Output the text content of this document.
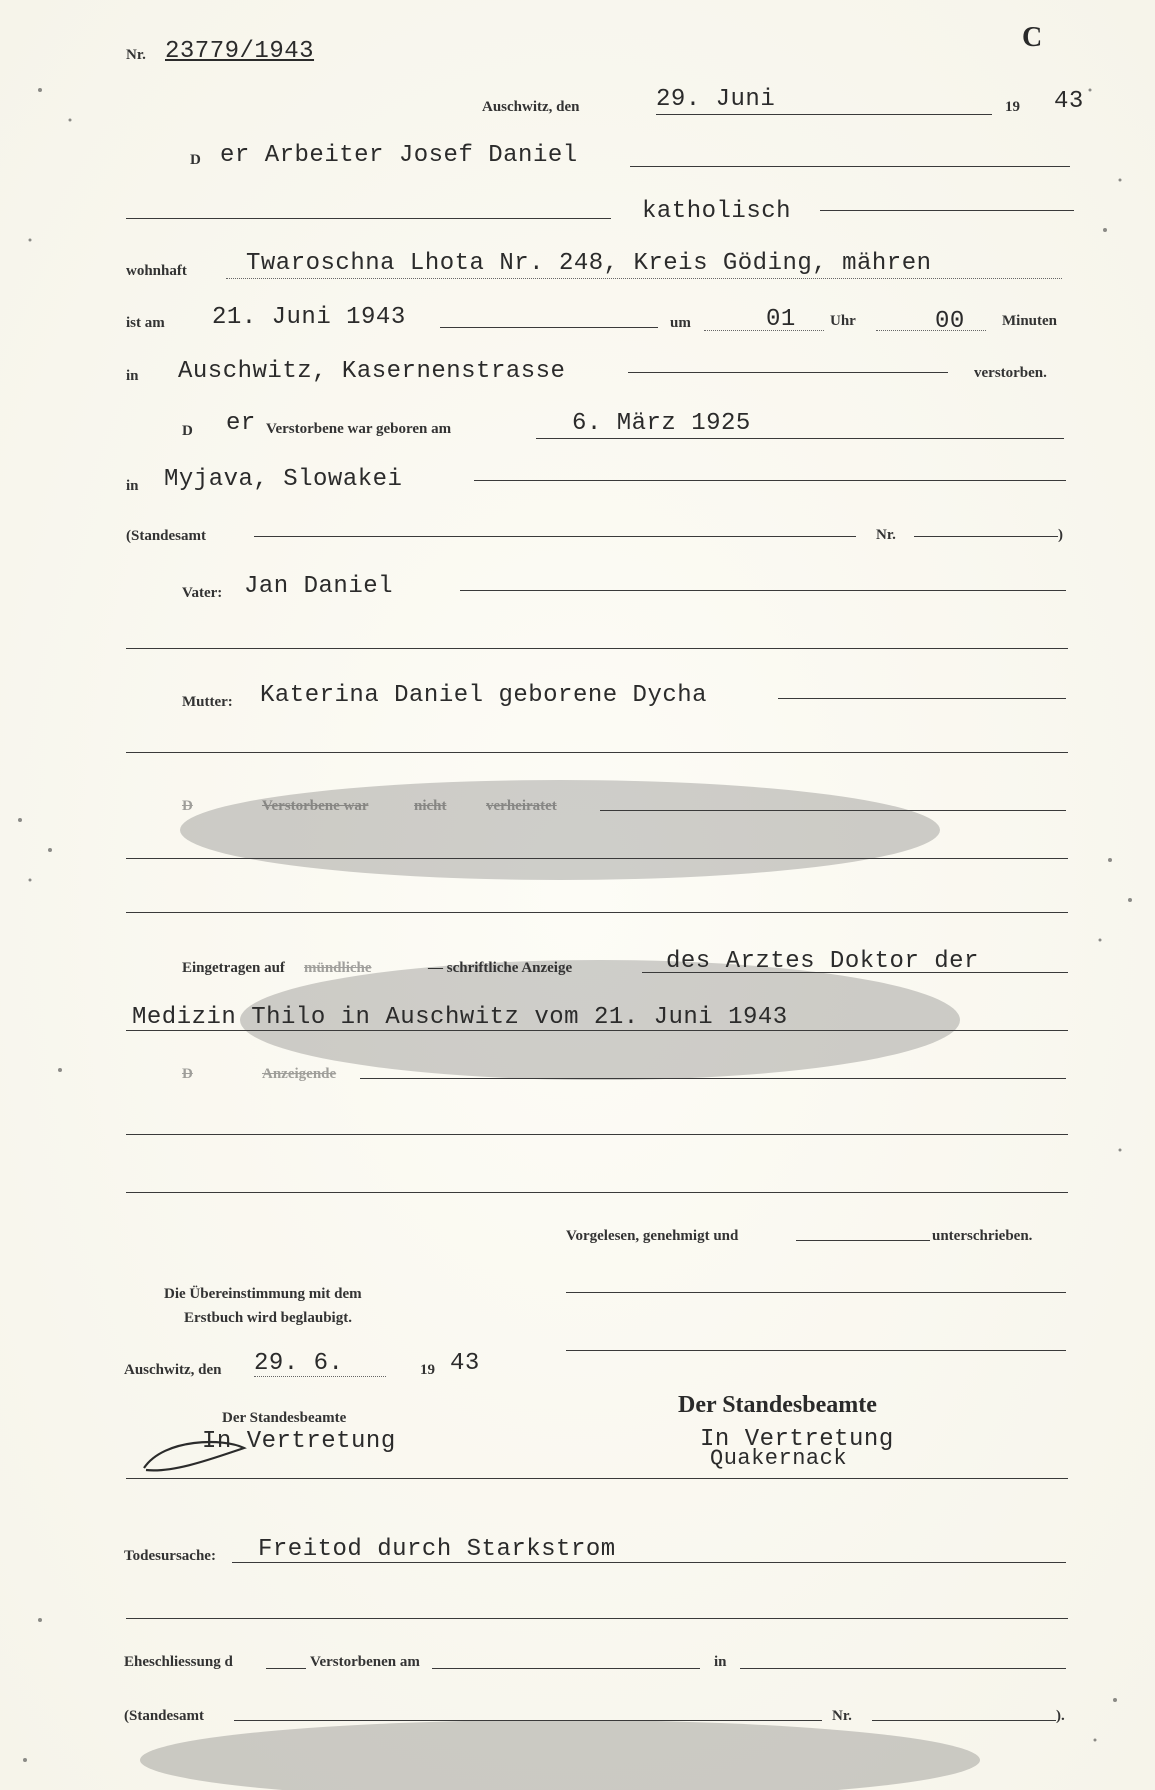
Nr. 23779/1943	C
Auschwitz, den	29. Juni	19 43
D er Arbeiter Josef Daniel
katholisch
wohnhaft Twaroschna Lhota Nr. 248, Kreis Göding, mähren
ist am 21. Juni 1943	um	01 Uhr	00 Minuten
in Auschwitz, Kasernenstrasse	verstorben.
D er Verstorbene war geboren am	6. März 1925
in Myjava, Slowakei
(Standesamt	Nr.	)
Vater: Jan Daniel
Mutter: Katerina Daniel geborene Dycha
D	Verstorbene war	nicht	verheiratet
Eingetragen auf mündliche	— schriftliche Anzeige	des Arztes Doktor der
Medizin Thilo in Auschwitz vom 21. Juni 1943
D	Anzeigende
Vorgelesen, genehmigt und	unterschrieben.
Die Übereinstimmung mit dem
Erstbuch wird beglaubigt.
Auschwitz, den 29. 6.	19 43
Der Standesbeamte
In Vertretung
Der Standesbeamte
In Vertretung
Quakernack
Todesursache: Freitod durch Starkstrom
Eheschliessung d	Verstorbenen am	in
(Standesamt	Nr.	).
